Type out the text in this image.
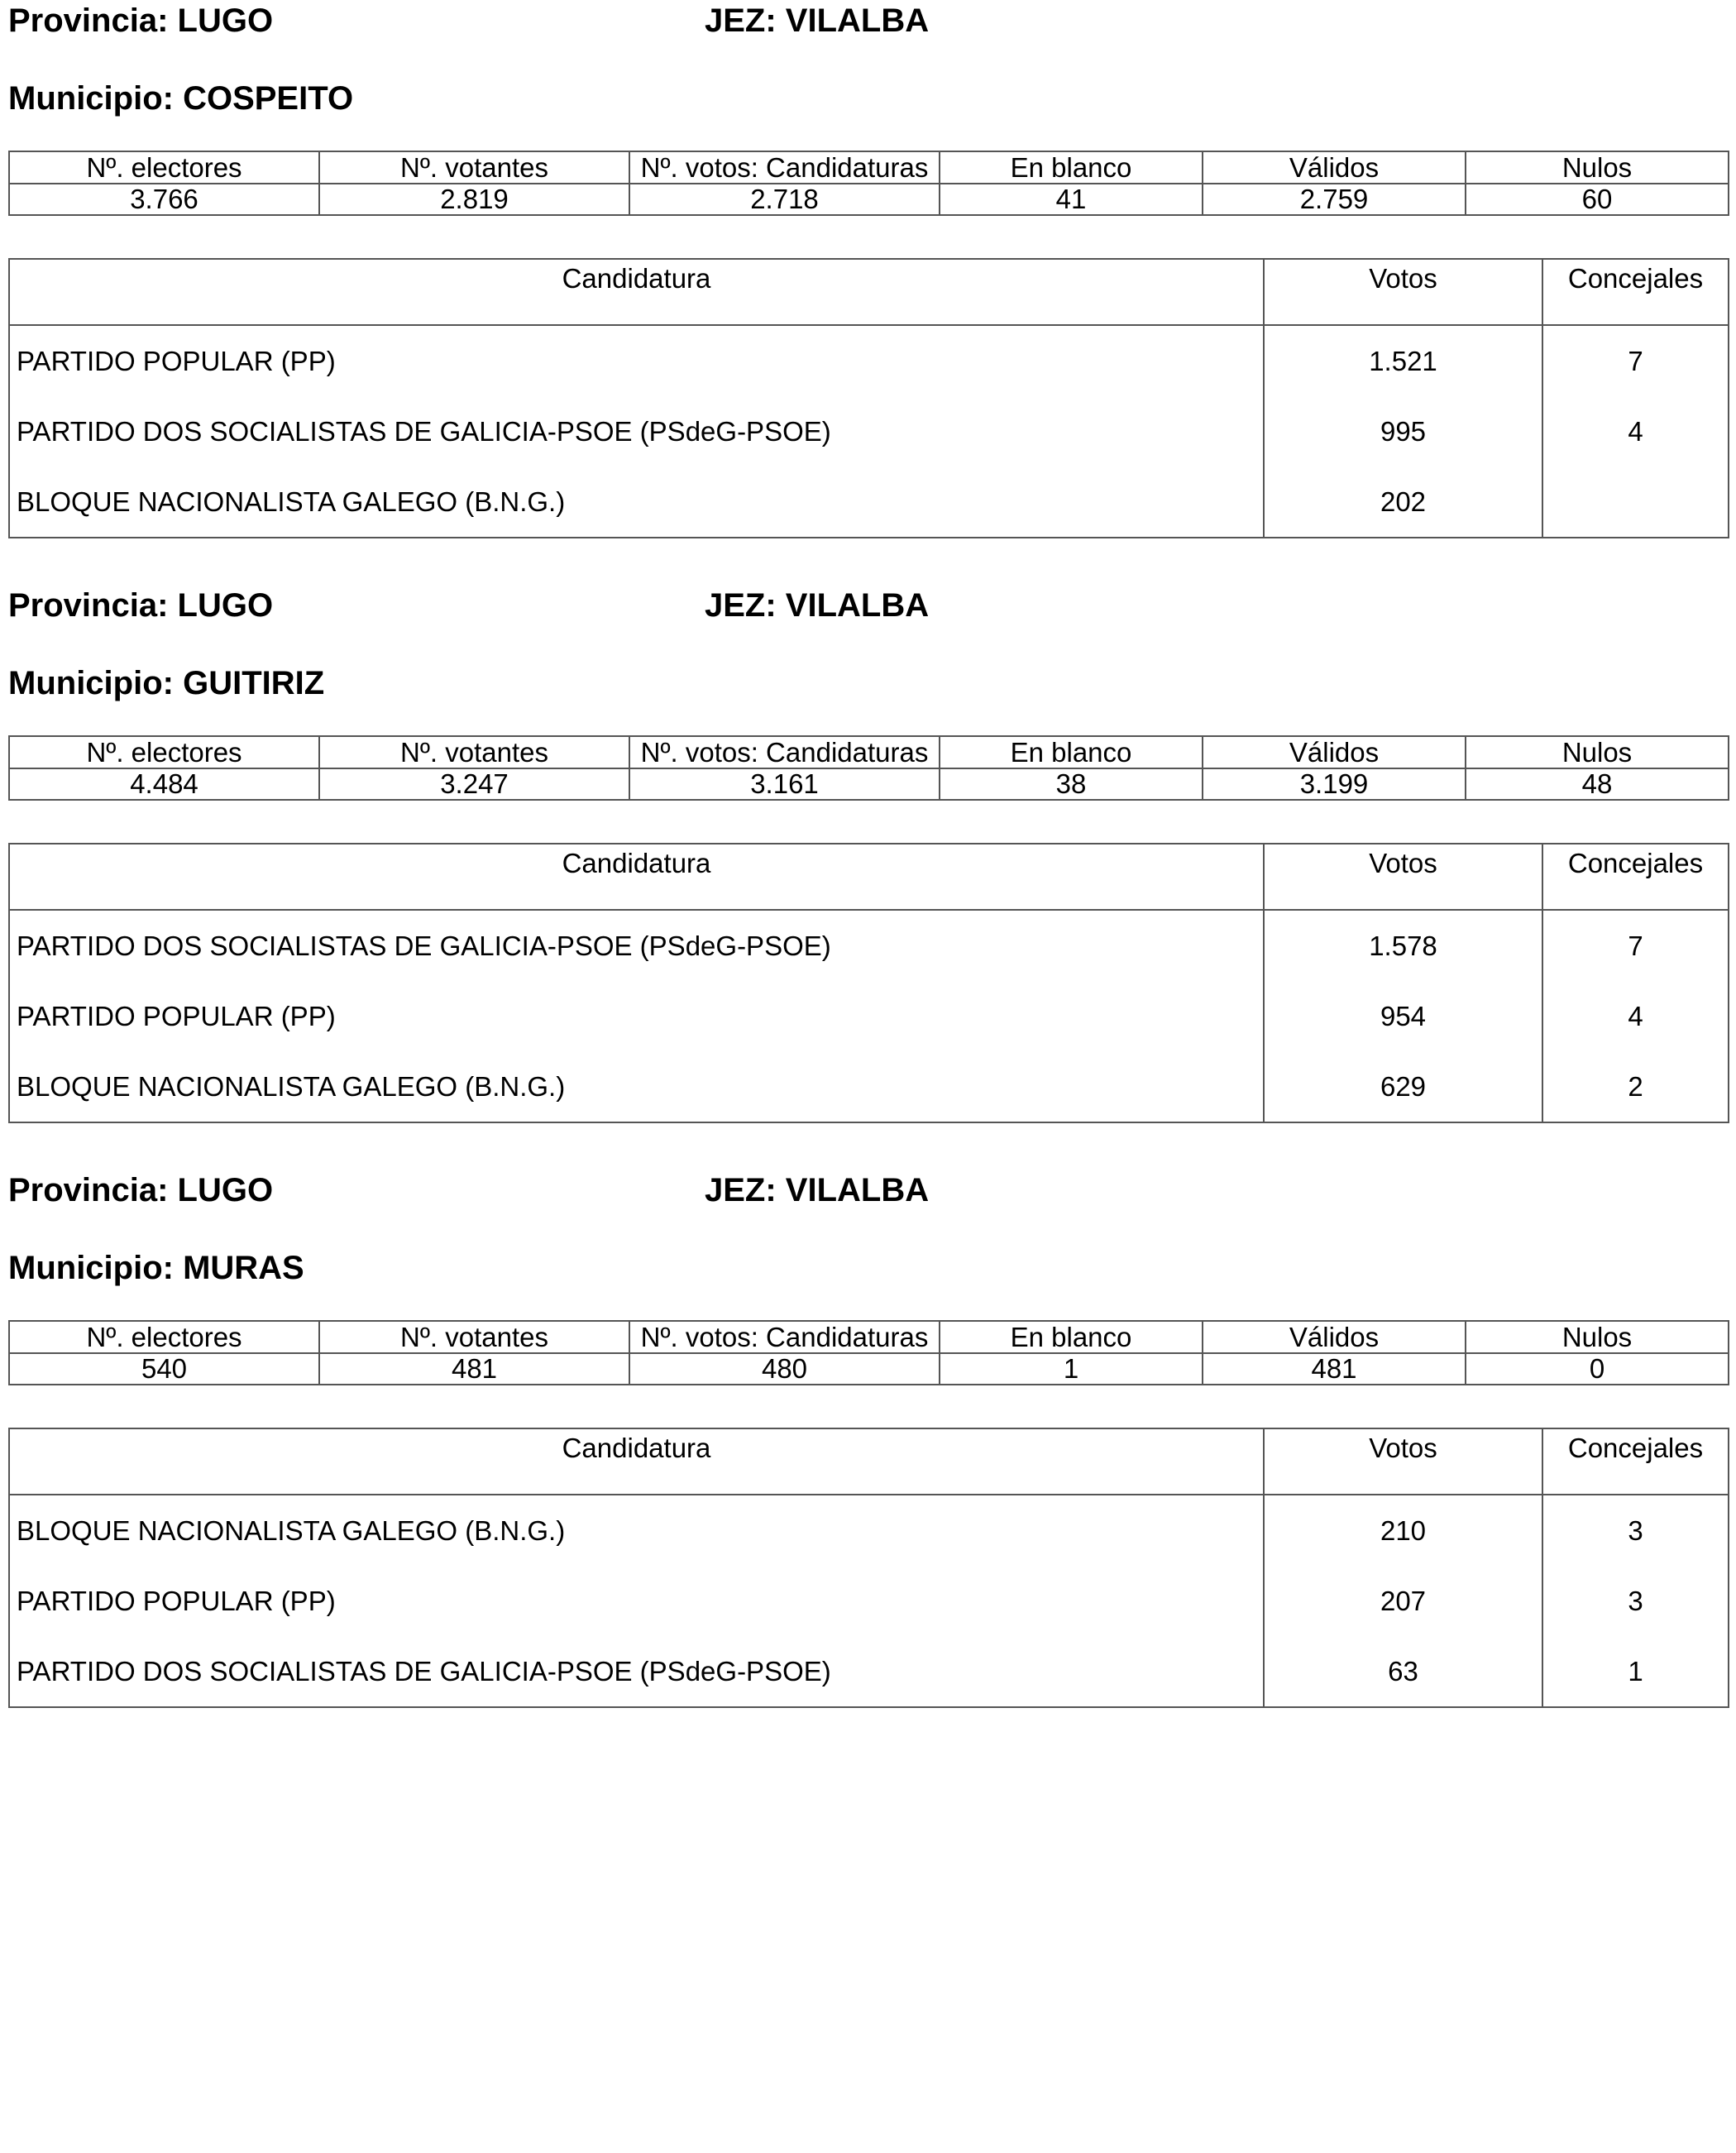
Provincia: LUGO	JEZ: VILALBA
Municipio: COSPEITO
Nº. electores	Nº. votantes	Nº. votos: Candidaturas	En blanco	Válidos	Nulos
3.766	2.819	2.718	41	2.759	60
Candidatura	Votos	Concejales
PARTIDO POPULAR (PP)	1.521	7
PARTIDO DOS SOCIALISTAS DE GALICIA-PSOE (PSdeG-PSOE)	995	4
BLOQUE NACIONALISTA GALEGO (B.N.G.)	202	
Provincia: LUGO	JEZ: VILALBA
Municipio: GUITIRIZ
Nº. electores	Nº. votantes	Nº. votos: Candidaturas	En blanco	Válidos	Nulos
4.484	3.247	3.161	38	3.199	48
Candidatura	Votos	Concejales
PARTIDO DOS SOCIALISTAS DE GALICIA-PSOE (PSdeG-PSOE)	1.578	7
PARTIDO POPULAR (PP)	954	4
BLOQUE NACIONALISTA GALEGO (B.N.G.)	629	2
Provincia: LUGO	JEZ: VILALBA
Municipio: MURAS
Nº. electores	Nº. votantes	Nº. votos: Candidaturas	En blanco	Válidos	Nulos
540	481	480	1	481	0
Candidatura	Votos	Concejales
BLOQUE NACIONALISTA GALEGO (B.N.G.)	210	3
PARTIDO POPULAR (PP)	207	3
PARTIDO DOS SOCIALISTAS DE GALICIA-PSOE (PSdeG-PSOE)	63	1
